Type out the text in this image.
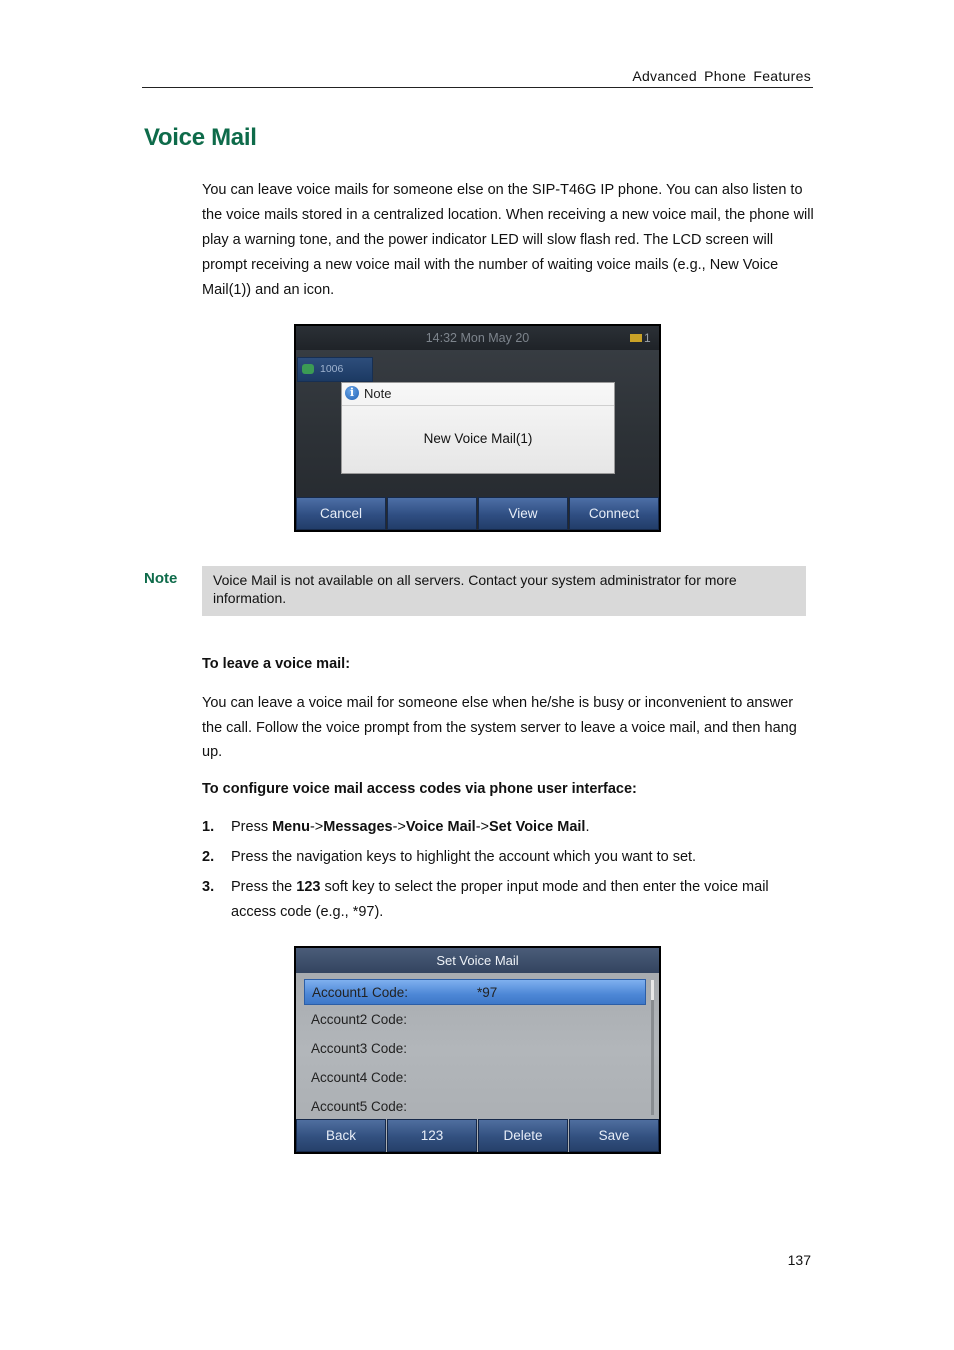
Advanced Phone Features
Voice Mail
You can leave voice mails for someone else on the SIP-T46G IP phone. You can also listen to the voice mails stored in a centralized location. When receiving a new voice mail, the phone will play a warning tone, and the power indicator LED will slow flash red. The LCD screen will prompt receiving a new voice mail with the number of waiting voice mails (e.g., New Voice Mail(1)) and an icon.
14:32 Mon May 20	1
1006
i Note
New Voice Mail(1)
Cancel	View	Connect
Note	Voice Mail is not available on all servers. Contact your system administrator for more information.
To leave a voice mail:
You can leave a voice mail for someone else when he/she is busy or inconvenient to answer the call. Follow the voice prompt from the system server to leave a voice mail, and then hang up.
To configure voice mail access codes via phone user interface:
1. Press Menu->Messages->Voice Mail->Set Voice Mail.
2. Press the navigation keys to highlight the account which you want to set.
3. Press the 123 soft key to select the proper input mode and then enter the voice mail access code (e.g., *97).
Set Voice Mail
Account1 Code:	*97
Account2 Code:
Account3 Code:
Account4 Code:
Account5 Code:
Back	123	Delete	Save
137
